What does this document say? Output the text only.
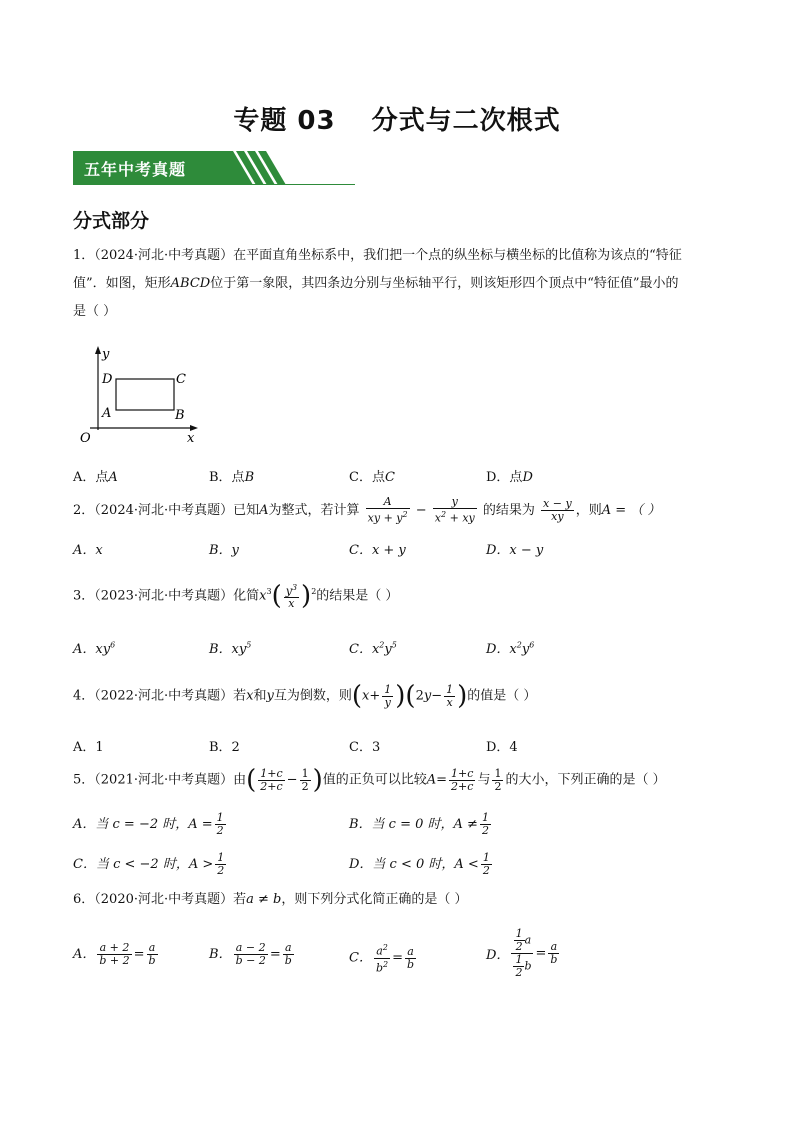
专题 03 分式与二次根式
五年中考真题
分式部分
1．（2024·河北·中考真题）在平面直角坐标系中，我们把一个点的纵坐标与横坐标的比值称为该点的“特征
值”．如图，矩形ABCD位于第一象限，其四条边分别与坐标轴平行，则该矩形四个顶点中“特征值”最小的
是（ ）
y
x
O
A	B
C
D
A．点A	B．点B	C．点C	D．点D
2．（2024·河北·中考真题）已知A为整式，若计算 $\frac{A}{xy + y^2} - \frac{y}{x^2 + xy}$ 的结果为 $\frac{x - y}{xy}$ ，则A = （ ）
A．x	B．y	C．x + y	D．x − y
3．（2023·河北·中考真题）化简$x^3( \frac{y^3}{x} )^2$的结果是（ ）
A．$xy^6$	B．$xy^5$	C．$x^2y^5$	D．$x^2y^6$
4．（2022·河北·中考真题）若x和y互为倒数，则$(x+ \frac{1}{y} )(2y- \frac{1}{x}$ )的值是（ ）
A．1	B．2	C．3	D．4
5．（2021·河北·中考真题）由( $\frac{1+c}{2+c} - \frac{1}{2}$ )值的正负可以比较$A= \frac{1+c}{2+c}$ 与 $\frac{1}{2}$ 的大小，下列正确的是（ ）
A．当 c = −2 时，$A = \frac{1}{2}$	B．当 c = 0 时，$A \ne \frac{1}{2}$
C．当 c < −2 时，$A > \frac{1}{2}$	D．当 c < 0 时，$A < \frac{1}{2}$
6．（2020·河北·中考真题）若a ≠ b，则下列分式化简正确的是（ ）
A． $\frac{a + 2}{b + 2} = \frac{a}{b}$	B． $\frac{a - 2}{b - 2} = \frac{a}{b}$	C． $\frac{a^2}{b^2} = \frac{a}{b}$	D． $\frac{\frac{1}{2} a}{\frac{1}{2} b} = \frac{a}{b}$
